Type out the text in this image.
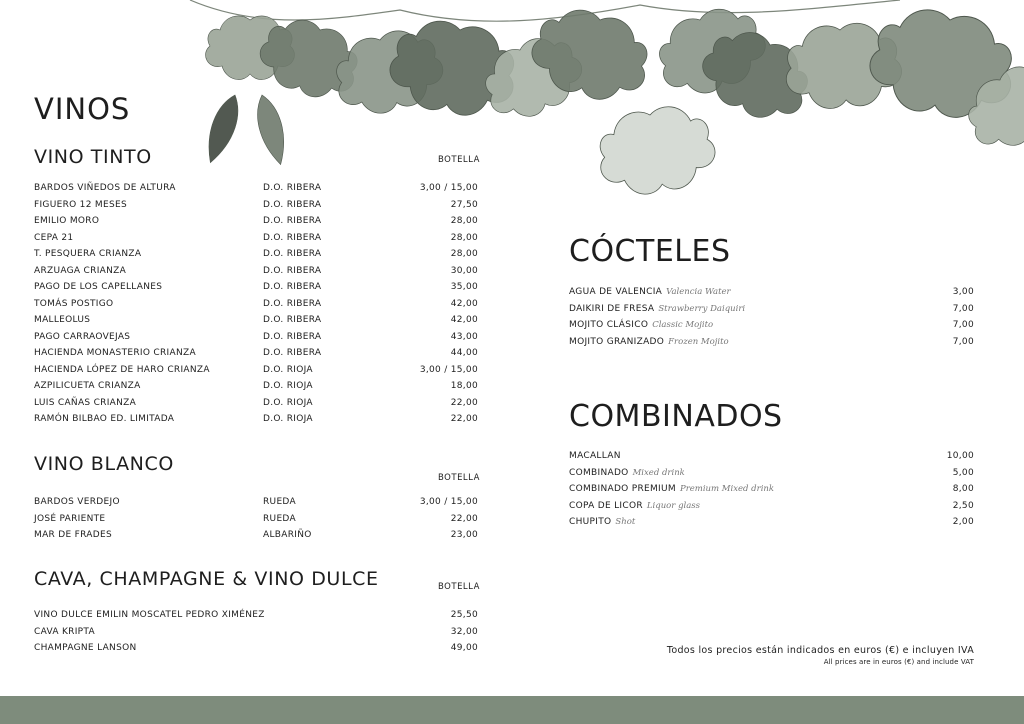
VINOS
VINO TINTO	BOTELLA
BARDOS VIÑEDOS DE ALTURA	D.O. RIBERA	3,00 / 15,00
FIGUERO 12 MESES	D.O. RIBERA	27,50
EMILIO MORO	D.O. RIBERA	28,00
CEPA 21	D.O. RIBERA	28,00
T. PESQUERA CRIANZA	D.O. RIBERA	28,00
ARZUAGA CRIANZA	D.O. RIBERA	30,00
PAGO DE LOS CAPELLANES	D.O. RIBERA	35,00
TOMÁS POSTIGO	D.O. RIBERA	42,00
MALLEOLUS	D.O. RIBERA	42,00
PAGO CARRAOVEJAS	D.O. RIBERA	43,00
HACIENDA MONASTERIO CRIANZA	D.O. RIBERA	44,00
HACIENDA LÓPEZ DE HARO CRIANZA	D.O. RIOJA	3,00 / 15,00
AZPILICUETA CRIANZA	D.O. RIOJA	18,00
LUIS CAÑAS CRIANZA	D.O. RIOJA	22,00
RAMÓN BILBAO ED. LIMITADA	D.O. RIOJA	22,00
VINO BLANCO
BOTELLA
BARDOS VERDEJO	RUEDA	3,00 / 15,00
JOSÉ PARIENTE	RUEDA	22,00
MAR DE FRADES	ALBARIÑO	23,00
CAVA, CHAMPAGNE & VINO DULCE	BOTELLA
VINO DULCE EMILIN MOSCATEL PEDRO XIMÉNEZ	25,50
CAVA KRIPTA	32,00
CHAMPAGNE LANSON	49,00
CÓCTELES
AGUA DE VALENCIA Valencia Water	3,00
DAIKIRI DE FRESA Strawberry Daiquiri	7,00
MOJITO CLÁSICO Classic Mojito	7,00
MOJITO GRANIZADO Frozen Mojito	7,00
COMBINADOS
MACALLAN	10,00
COMBINADO Mixed drink	5,00
COMBINADO PREMIUM Premium Mixed drink	8,00
COPA DE LICOR Liquor glass	2,50
CHUPITO Shot	2,00
Todos los precios están indicados en euros (€) e incluyen IVA
All prices are in euros (€) and include VAT
